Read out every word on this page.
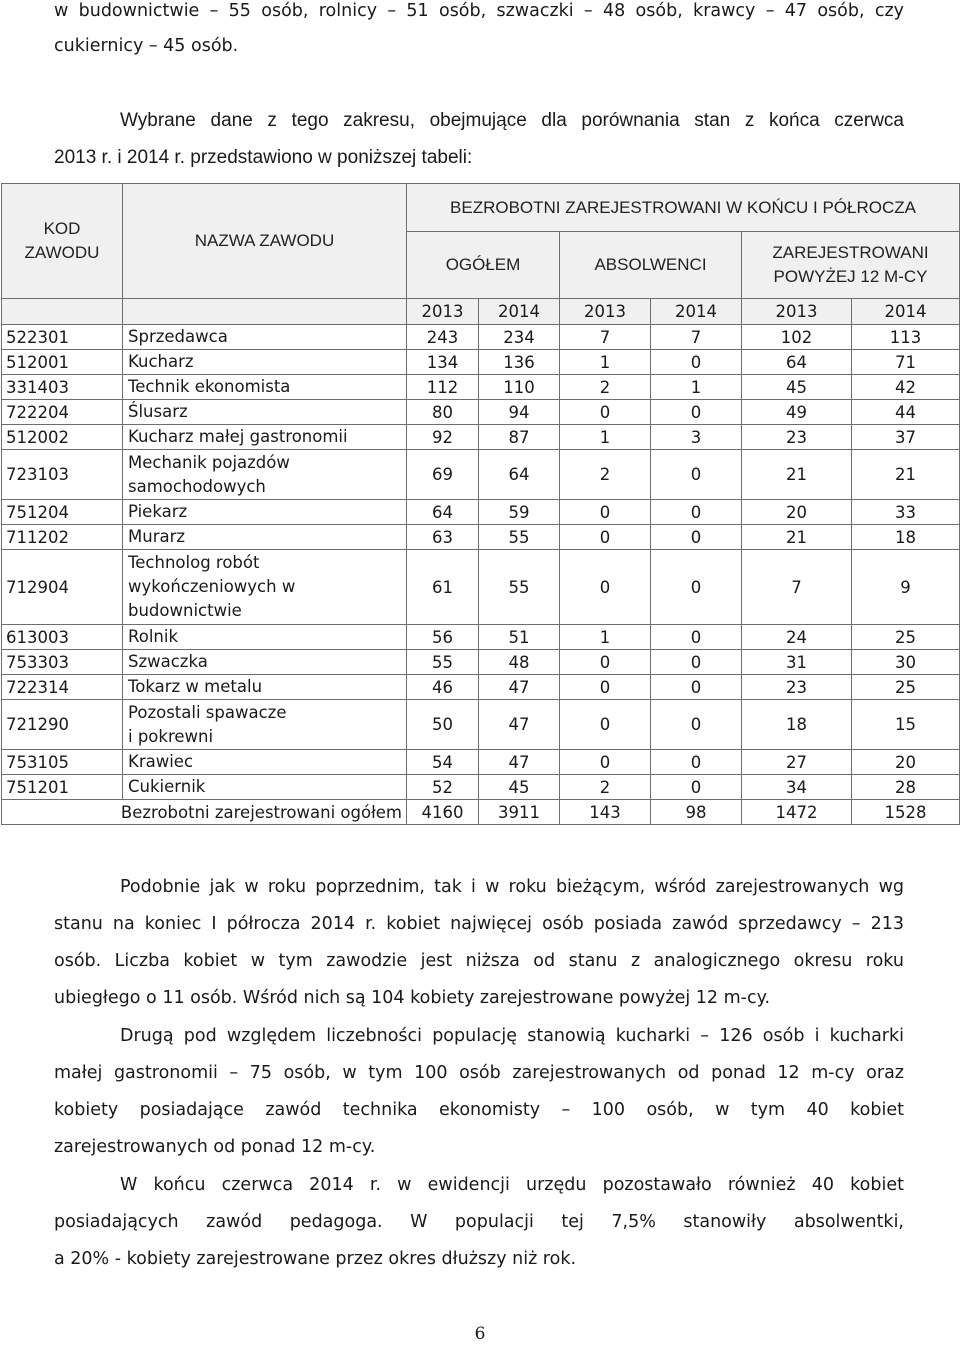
w budownictwie – 55 osób, rolnicy – 51 osób, szwaczki – 48 osób, krawcy – 47 osób, czy
cukiernicy – 45 osób.
Wybrane dane z tego zakresu, obejmujące dla porównania stan z końca czerwca
2013 r. i 2014 r. przedstawiono w poniższej tabeli:
KOD ZAWODU	NAZWA ZAWODU	BEZROBOTNI ZAREJESTROWANI W KOŃCU I PÓŁROCZA					
		OGÓŁEM		ABSOLWENCI		ZAREJESTROWANI
POWYŻEJ 12 M-CY	

		2013	2014	2013	2014	2013	2014
522301	Sprzedawca	243	234	7	7	102	113
512001	Kucharz	134	136	1	0	64	71
331403	Technik ekonomista	112	110	2	1	45	42
722204	Ślusarz	80	94	0	0	49	44
512002	Kucharz małej gastronomii	92	87	1	3	23	37
723103	Mechanik pojazdów
samochodowych	69	64	2	0	21	21
751204	Piekarz	64	59	0	0	20	33
711202	Murarz	63	55	0	0	21	18
712904	Technolog robót
wykończeniowych w
budownictwie	61	55	0	0	7	9
613003	Rolnik	56	51	1	0	24	25
753303	Szwaczka	55	48	0	0	31	30
722314	Tokarz w metalu	46	47	0	0	23	25
721290	Pozostali spawacze
i pokrewni	50	47	0	0	18	15
753105	Krawiec	54	47	0	0	27	20
751201	Cukiernik	52	45	2	0	34	28
Bezrobotni zarejestrowani ogółem		4160	3911	143	98	1472	1528
Podobnie jak w roku poprzednim, tak i w roku bieżącym, wśród zarejestrowanych wg
stanu na koniec I półrocza 2014 r. kobiet najwięcej osób posiada zawód sprzedawcy – 213
osób. Liczba kobiet w tym zawodzie jest niższa od stanu z analogicznego okresu roku
ubiegłego o 11 osób. Wśród nich są 104 kobiety zarejestrowane powyżej 12 m-cy.
Drugą pod względem liczebności populację stanowią kucharki – 126 osób i kucharki
małej gastronomii – 75 osób, w tym 100 osób zarejestrowanych od ponad 12 m-cy oraz
kobiety posiadające zawód technika ekonomisty – 100 osób, w tym 40 kobiet
zarejestrowanych od ponad 12 m-cy.
W końcu czerwca 2014 r. w ewidencji urzędu pozostawało również 40 kobiet
posiadających zawód pedagoga. W populacji tej 7,5% stanowiły absolwentki,
a 20% - kobiety zarejestrowane przez okres dłuższy niż rok.
6
